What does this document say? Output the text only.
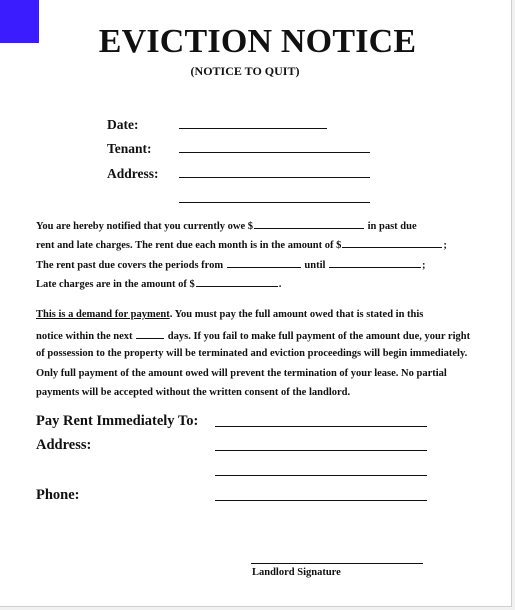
EVICTION NOTICE
(NOTICE TO QUIT)
Date:
Tenant:
Address:
You are hereby notified that you currently owe $	in past due
rent and late charges. The rent due each month is in the amount of $	;
The rent past due covers the periods from	until	;
Late charges are in the amount of $	.
This is a demand for payment. You must pay the full amount owed that is stated in this
notice within the next	days. If you fail to make full payment of the amount due, your right
of possession to the property will be terminated and eviction proceedings will begin immediately.
Only full payment of the amount owed will prevent the termination of your lease. No partial
payments will be accepted without the written consent of the landlord.
Pay Rent Immediately To:
Address:
Phone:
Landlord Signature
